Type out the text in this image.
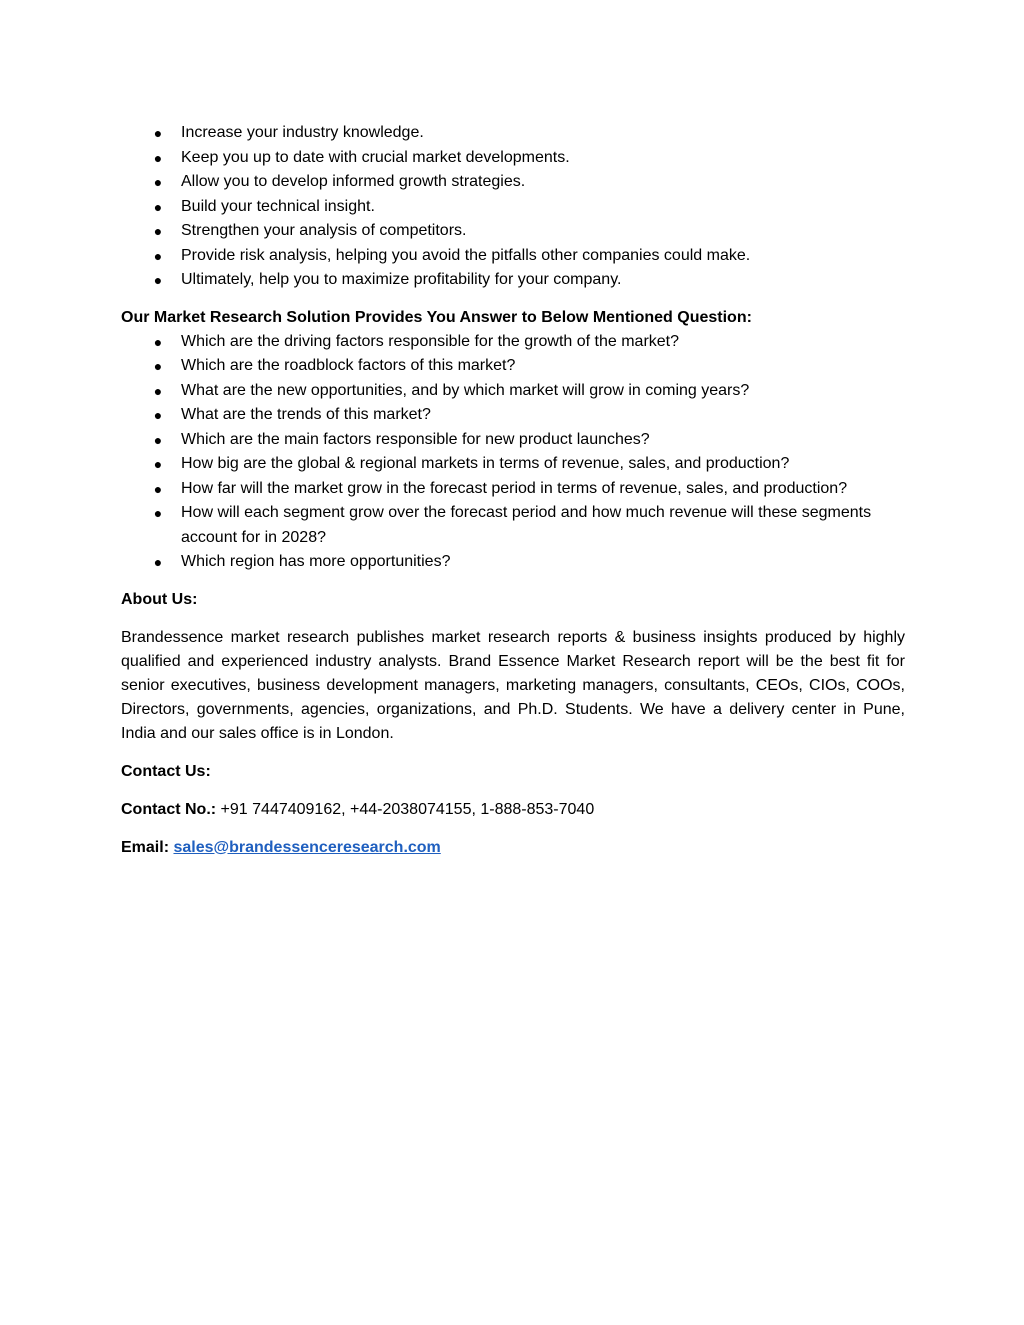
● Increase your industry knowledge.
● Keep you up to date with crucial market developments.
● Allow you to develop informed growth strategies.
● Build your technical insight.
● Strengthen your analysis of competitors.
● Provide risk analysis, helping you avoid the pitfalls other companies could make.
● Ultimately, help you to maximize profitability for your company.

Our Market Research Solution Provides You Answer to Below Mentioned Question:

● Which are the driving factors responsible for the growth of the market?
● Which are the roadblock factors of this market?
● What are the new opportunities, and by which market will grow in coming years?
● What are the trends of this market?
● Which are the main factors responsible for new product launches?
● How big are the global & regional markets in terms of revenue, sales, and production?
● How far will the market grow in the forecast period in terms of revenue, sales, and production?
● How will each segment grow over the forecast period and how much revenue will these segments account for in 2028?
● Which region has more opportunities?

About Us:

Brandessence market research publishes market research reports & business insights produced by highly qualified and experienced industry analysts. Brand Essence Market Research report will be the best fit for senior executives, business development managers, marketing managers, consultants, CEOs, CIOs, COOs, Directors, governments, agencies, organizations, and Ph.D. Students. We have a delivery center in Pune, India and our sales office is in London.

Contact Us:

Contact No.: +91 7447409162, +44-2038074155, 1-888-853-7040

Email: sales@brandessenceresearch.com
